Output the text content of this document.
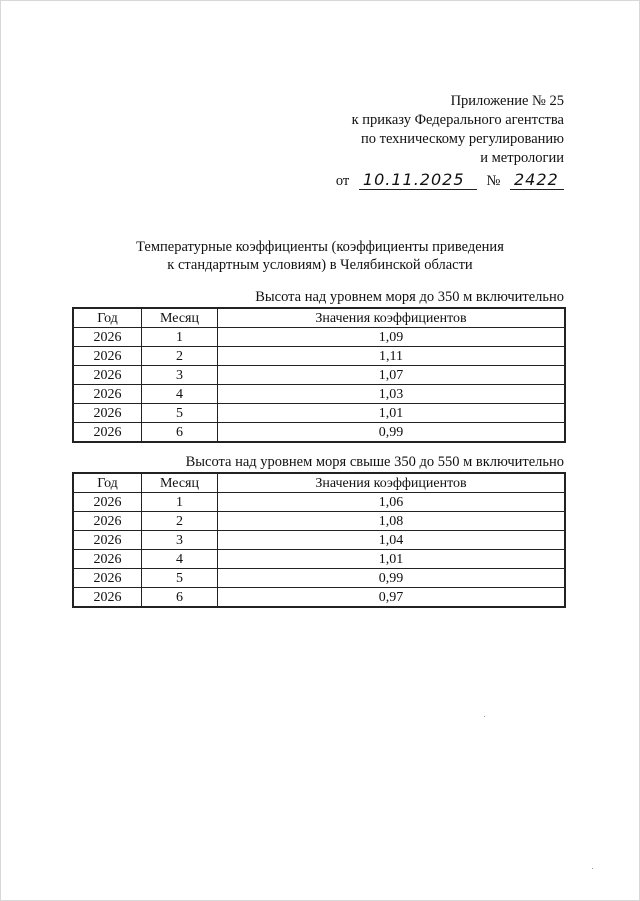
Приложение № 25
к приказу Федерального агентства
по техническому регулированию
и метрологии
от 10.11.2025 № 2422
Температурные коэффициенты (коэффициенты приведения
к стандартным условиям) в Челябинской области
Высота над уровнем моря до 350 м включительно
Год	Месяц	Значения коэффициентов
2026	1	1,09
2026	2	1,11
2026	3	1,07
2026	4	1,03
2026	5	1,01
2026	6	0,99
Высота над уровнем моря свыше 350 до 550 м включительно
Год	Месяц	Значения коэффициентов
2026	1	1,06
2026	2	1,08
2026	3	1,04
2026	4	1,01
2026	5	0,99
2026	6	0,97
